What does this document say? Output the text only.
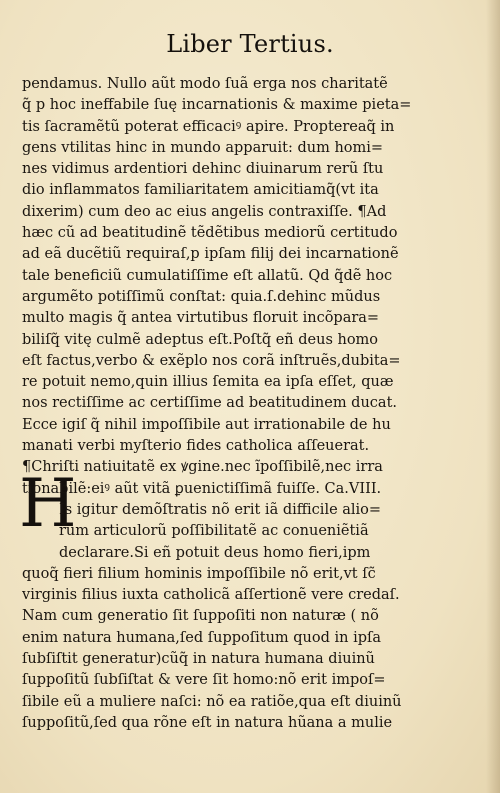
Liber Tertius.
H
pendamus. Nullo aũt modo ſuã erga nos charitatẽ
q̃ p hoc ineffabile ſuę incarnationis & maxime pieta=
tis ſacramẽtũ poterat efficaciꝰ apire. Proptereaq̃ in
gens vtilitas hinc in mundo apparuit: dum homi=
nes vidimus ardentiori dehinc diuinarum rerũ ſtu
dio inflammatos familiaritatem amicitiamq̃(vt ita
dixerim) cum deo ac eius angelis contraxiſſe. ¶Ad
hæc cũ ad beatitudinẽ tẽdẽtibus mediorũ certitudo
ad eã ducẽtiũ requiraſ,p ipſam filij dei incarnationẽ
tale beneficiũ cumulatiſſime eſt allatũ. Qd q̃dẽ hoc
argumẽto potiſſimũ conſtat: quia.ſ.dehinc mũdus
multo magis q̃ antea virtutibus floruit incõpara=
biliſq̃ vitę culmẽ adeptus eſt.Poſtq̃ eñ deus homo
eſt factus,verbo & exẽplo nos corã inſtruẽs,dubita=
re potuit nemo,quin illius ſemita ea ipſa eſſet, quæ
nos rectiſſime ac certiſſime ad beatitudinem ducat.
Ecce igiſ q̃ nihil impoſſibile aut irrationabile de hu
manati verbi myſterio fides catholica aſſeuerat.
¶Chriſti natiuitatẽ ex ꝟgine.nec ĩpoſſibilẽ,nec irra
tionabilẽ:eiꝰ aũt vitã ꝑuenictiſſimã fuiſſe. Ca.VIII.
Is igitur demõſtratis nõ erit iã difficile alio=
rum articulorũ poſſibilitatẽ ac conueniẽtiã
declarare.Si eñ potuit deus homo fieri,ipm
quoq̃ fieri filium hominis impoſſibile nõ erit,vt ſc̃
virginis filius iuxta catholicã aſſertionẽ vere credaſ.
Nam cum generatio ſit ſuppoſiti non naturæ ( nõ
enim natura humana,ſed ſuppoſitum quod in ipſa
ſubſiſtit generatur)cũq̃ in natura humana diuinũ
ſuppoſitũ ſubſiſtat & vere ſit homo:nõ erit impoſ=
ſibile eũ a muliere naſci: nõ ea ratiõe,qua eſt diuinũ
ſuppoſitũ,ſed qua rõne eſt in natura hũana a mulie
